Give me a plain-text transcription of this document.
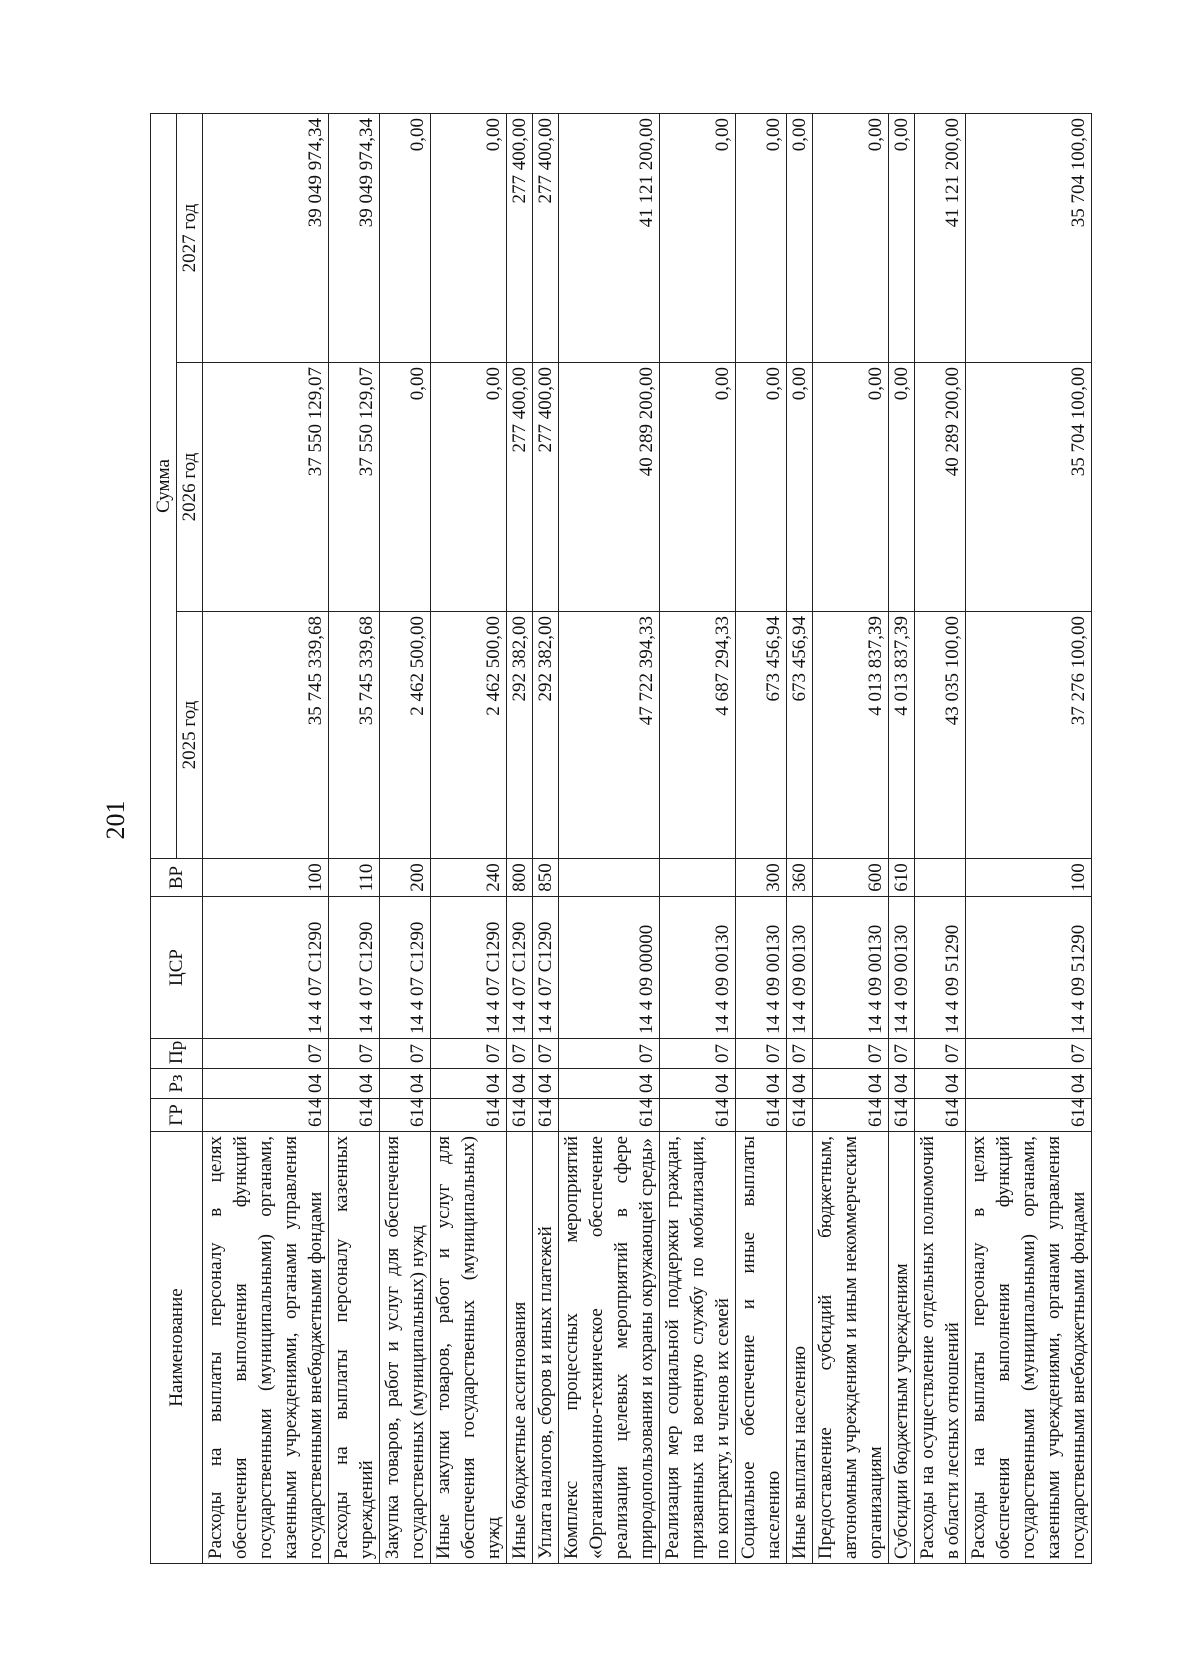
201
Наименование	ГР	Рз	Пр	ЦСР	ВР	Сумма		
						2025 год	2026 год	2027 год
Расходы на выплаты персоналу в целях обеспечения выполнения функций государственными (муниципальными) органами, казенными учреждениями, органами управления государственными внебюджетными фондами	614	04	07	14 4 07 С1290	100	35 745 339,68	37 550 129,07	39 049 974,34
Расходы на выплаты персоналу казенных учреждений	614	04	07	14 4 07 С1290	110	35 745 339,68	37 550 129,07	39 049 974,34
Закупка товаров, работ и услуг для обеспечения государственных (муниципальных) нужд	614	04	07	14 4 07 С1290	200	2 462 500,00	0,00	0,00
Иные закупки товаров, работ и услуг для обеспечения государственных (муниципальных) нужд	614	04	07	14 4 07 С1290	240	2 462 500,00	0,00	0,00
Иные бюджетные ассигнования	614	04	07	14 4 07 С1290	800	292 382,00	277 400,00	277 400,00
Уплата налогов, сборов и иных платежей	614	04	07	14 4 07 С1290	850	292 382,00	277 400,00	277 400,00
Комплекс процессных мероприятий «Организационно-техническое обеспечение реализации целевых мероприятий в сфере природопользования и охраны окружающей среды»	614	04	07	14 4 09 00000		47 722 394,33	40 289 200,00	41 121 200,00
Реализация мер социальной поддержки граждан, призванных на военную службу по мобилизации, по контракту, и членов их семей	614	04	07	14 4 09 00130		4 687 294,33	0,00	0,00
Социальное обеспечение и иные выплаты населению	614	04	07	14 4 09 00130	300	673 456,94	0,00	0,00
Иные выплаты населению	614	04	07	14 4 09 00130	360	673 456,94	0,00	0,00
Предоставление субсидий бюджетным, автономным учреждениям и иным некоммерческим организациям	614	04	07	14 4 09 00130	600	4 013 837,39	0,00	0,00
Субсидии бюджетным учреждениям	614	04	07	14 4 09 00130	610	4 013 837,39	0,00	0,00
Расходы на осуществление отдельных полномочий в области лесных отношений	614	04	07	14 4 09 51290		43 035 100,00	40 289 200,00	41 121 200,00
Расходы на выплаты персоналу в целях обеспечения выполнения функций государственными (муниципальными) органами, казенными учреждениями, органами управления государственными внебюджетными фондами	614	04	07	14 4 09 51290	100	37 276 100,00	35 704 100,00	35 704 100,00
